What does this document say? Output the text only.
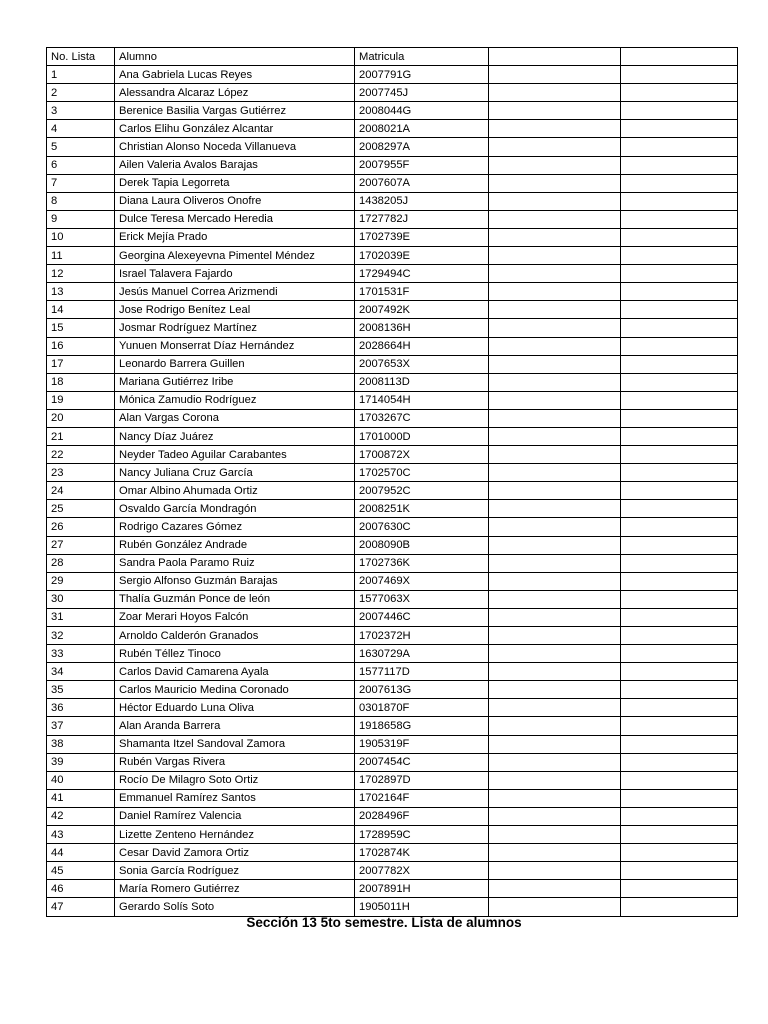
No. Lista	Alumno	Matricula		
1	Ana Gabriela Lucas Reyes	2007791G		
2	Alessandra Alcaraz López	2007745J		
3	Berenice Basilia Vargas Gutiérrez	2008044G		
4	Carlos Elihu González Alcantar	2008021A		
5	Christian Alonso Noceda Villanueva	2008297A		
6	Ailen Valeria Avalos Barajas	2007955F		
7	Derek Tapia Legorreta	2007607A		
8	Diana Laura Oliveros Onofre	1438205J		
9	Dulce Teresa Mercado Heredia	1727782J		
10	Erick Mejía Prado	1702739E		
11	Georgina Alexeyevna Pimentel Méndez	1702039E		
12	Israel Talavera Fajardo	1729494C		
13	Jesús Manuel Correa Arizmendi	1701531F		
14	Jose Rodrigo Benítez Leal	2007492K		
15	Josmar Rodríguez Martínez	2008136H		
16	Yunuen Monserrat Díaz Hernández	2028664H		
17	Leonardo Barrera Guillen	2007653X		
18	Mariana Gutiérrez Iribe	2008113D		
19	Mónica Zamudio Rodríguez	1714054H		
20	Alan Vargas Corona	1703267C		
21	Nancy Díaz Juárez	1701000D		
22	Neyder Tadeo Aguilar Carabantes	1700872X		
23	Nancy Juliana Cruz García	1702570C		
24	Omar Albino Ahumada Ortiz	2007952C		
25	Osvaldo García Mondragón	2008251K		
26	Rodrigo Cazares Gómez	2007630C		
27	Rubén González Andrade	2008090B		
28	Sandra Paola Paramo Ruiz	1702736K		
29	Sergio Alfonso Guzmán Barajas	2007469X		
30	Thalía Guzmán Ponce de león	1577063X		
31	Zoar Merari Hoyos Falcón	2007446C		
32	Arnoldo Calderón Granados	1702372H		
33	Rubén Téllez Tinoco	1630729A		
34	Carlos David Camarena Ayala	1577117D		
35	Carlos Mauricio Medina Coronado	2007613G		
36	Héctor Eduardo Luna Oliva	0301870F		
37	Alan Aranda Barrera	1918658G		
38	Shamanta Itzel Sandoval Zamora	1905319F		
39	Rubén Vargas Rivera	2007454C		
40	Rocío De Milagro Soto Ortiz	1702897D		
41	Emmanuel Ramírez Santos	1702164F		
42	Daniel Ramírez Valencia	2028496F		
43	Lizette Zenteno Hernández	1728959C		
44	Cesar David Zamora Ortiz	1702874K		
45	Sonia García Rodríguez	2007782X		
46	María Romero Gutiérrez	2007891H		
47	Gerardo Solís Soto	1905011H		
Sección 13 5to semestre. Lista de alumnos
